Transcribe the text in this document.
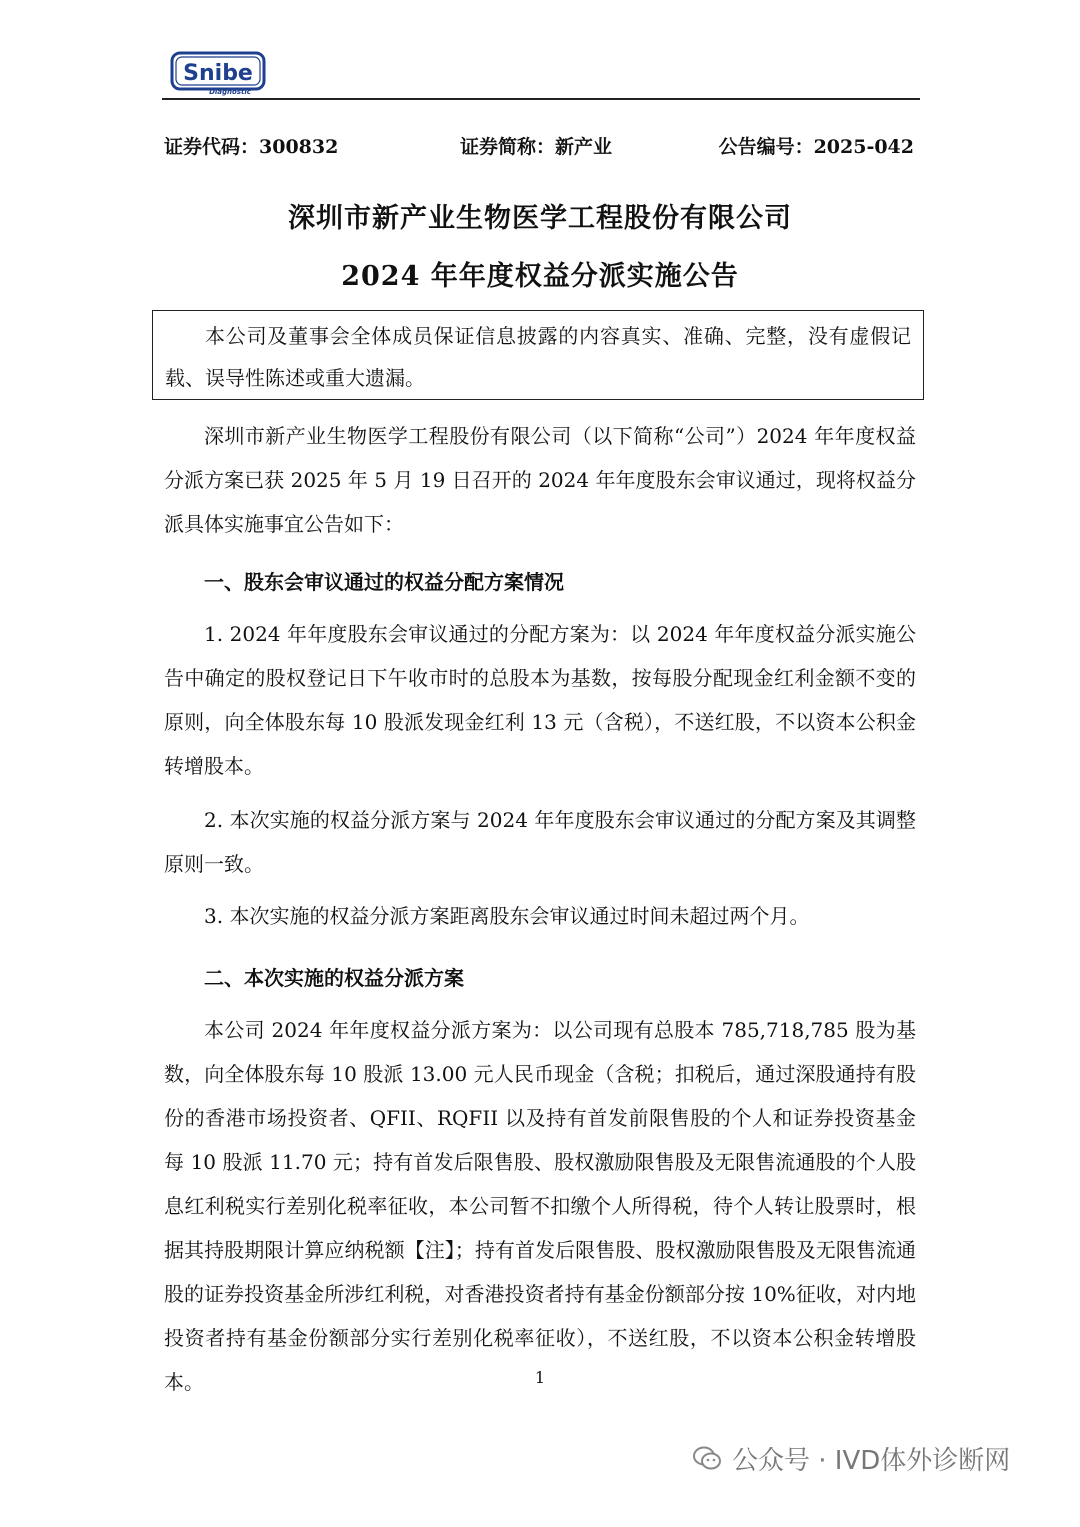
Snibe
Diagnostic
证券代码：300832	证券简称：新产业	公告编号：2025-042
深圳市新产业生物医学工程股份有限公司
2024 年年度权益分派实施公告
本公司及董事会全体成员保证信息披露的内容真实、准确、完整，没有虚假记载、误导性陈述或重大遗漏。
深圳市新产业生物医学工程股份有限公司（以下简称“公司”）2024 年年度权益分派方案已获 2025 年 5 月 19 日召开的 2024 年年度股东会审议通过，现将权益分派具体实施事宜公告如下：
一、股东会审议通过的权益分配方案情况
1. 2024 年年度股东会审议通过的分配方案为：以 2024 年年度权益分派实施公告中确定的股权登记日下午收市时的总股本为基数，按每股分配现金红利金额不变的原则，向全体股东每 10 股派发现金红利 13 元（含税），不送红股，不以资本公积金转增股本。
2. 本次实施的权益分派方案与 2024 年年度股东会审议通过的分配方案及其调整原则一致。
3. 本次实施的权益分派方案距离股东会审议通过时间未超过两个月。
二、本次实施的权益分派方案
本公司 2024 年年度权益分派方案为：以公司现有总股本 785,718,785 股为基数，向全体股东每 10 股派 13.00 元人民币现金（含税；扣税后，通过深股通持有股份的香港市场投资者、QFII、RQFII 以及持有首发前限售股的个人和证券投资基金每 10 股派 11.70 元；持有首发后限售股、股权激励限售股及无限售流通股的个人股息红利税实行差别化税率征收，本公司暂不扣缴个人所得税，待个人转让股票时，根据其持股期限计算应纳税额【注】；持有首发后限售股、股权激励限售股及无限售流通股的证券投资基金所涉红利税，对香港投资者持有基金份额部分按 10%征收，对内地投资者持有基金份额部分实行差别化税率征收），不送红股，不以资本公积金转增股本。	1
公众号 · IVD体外诊断网
